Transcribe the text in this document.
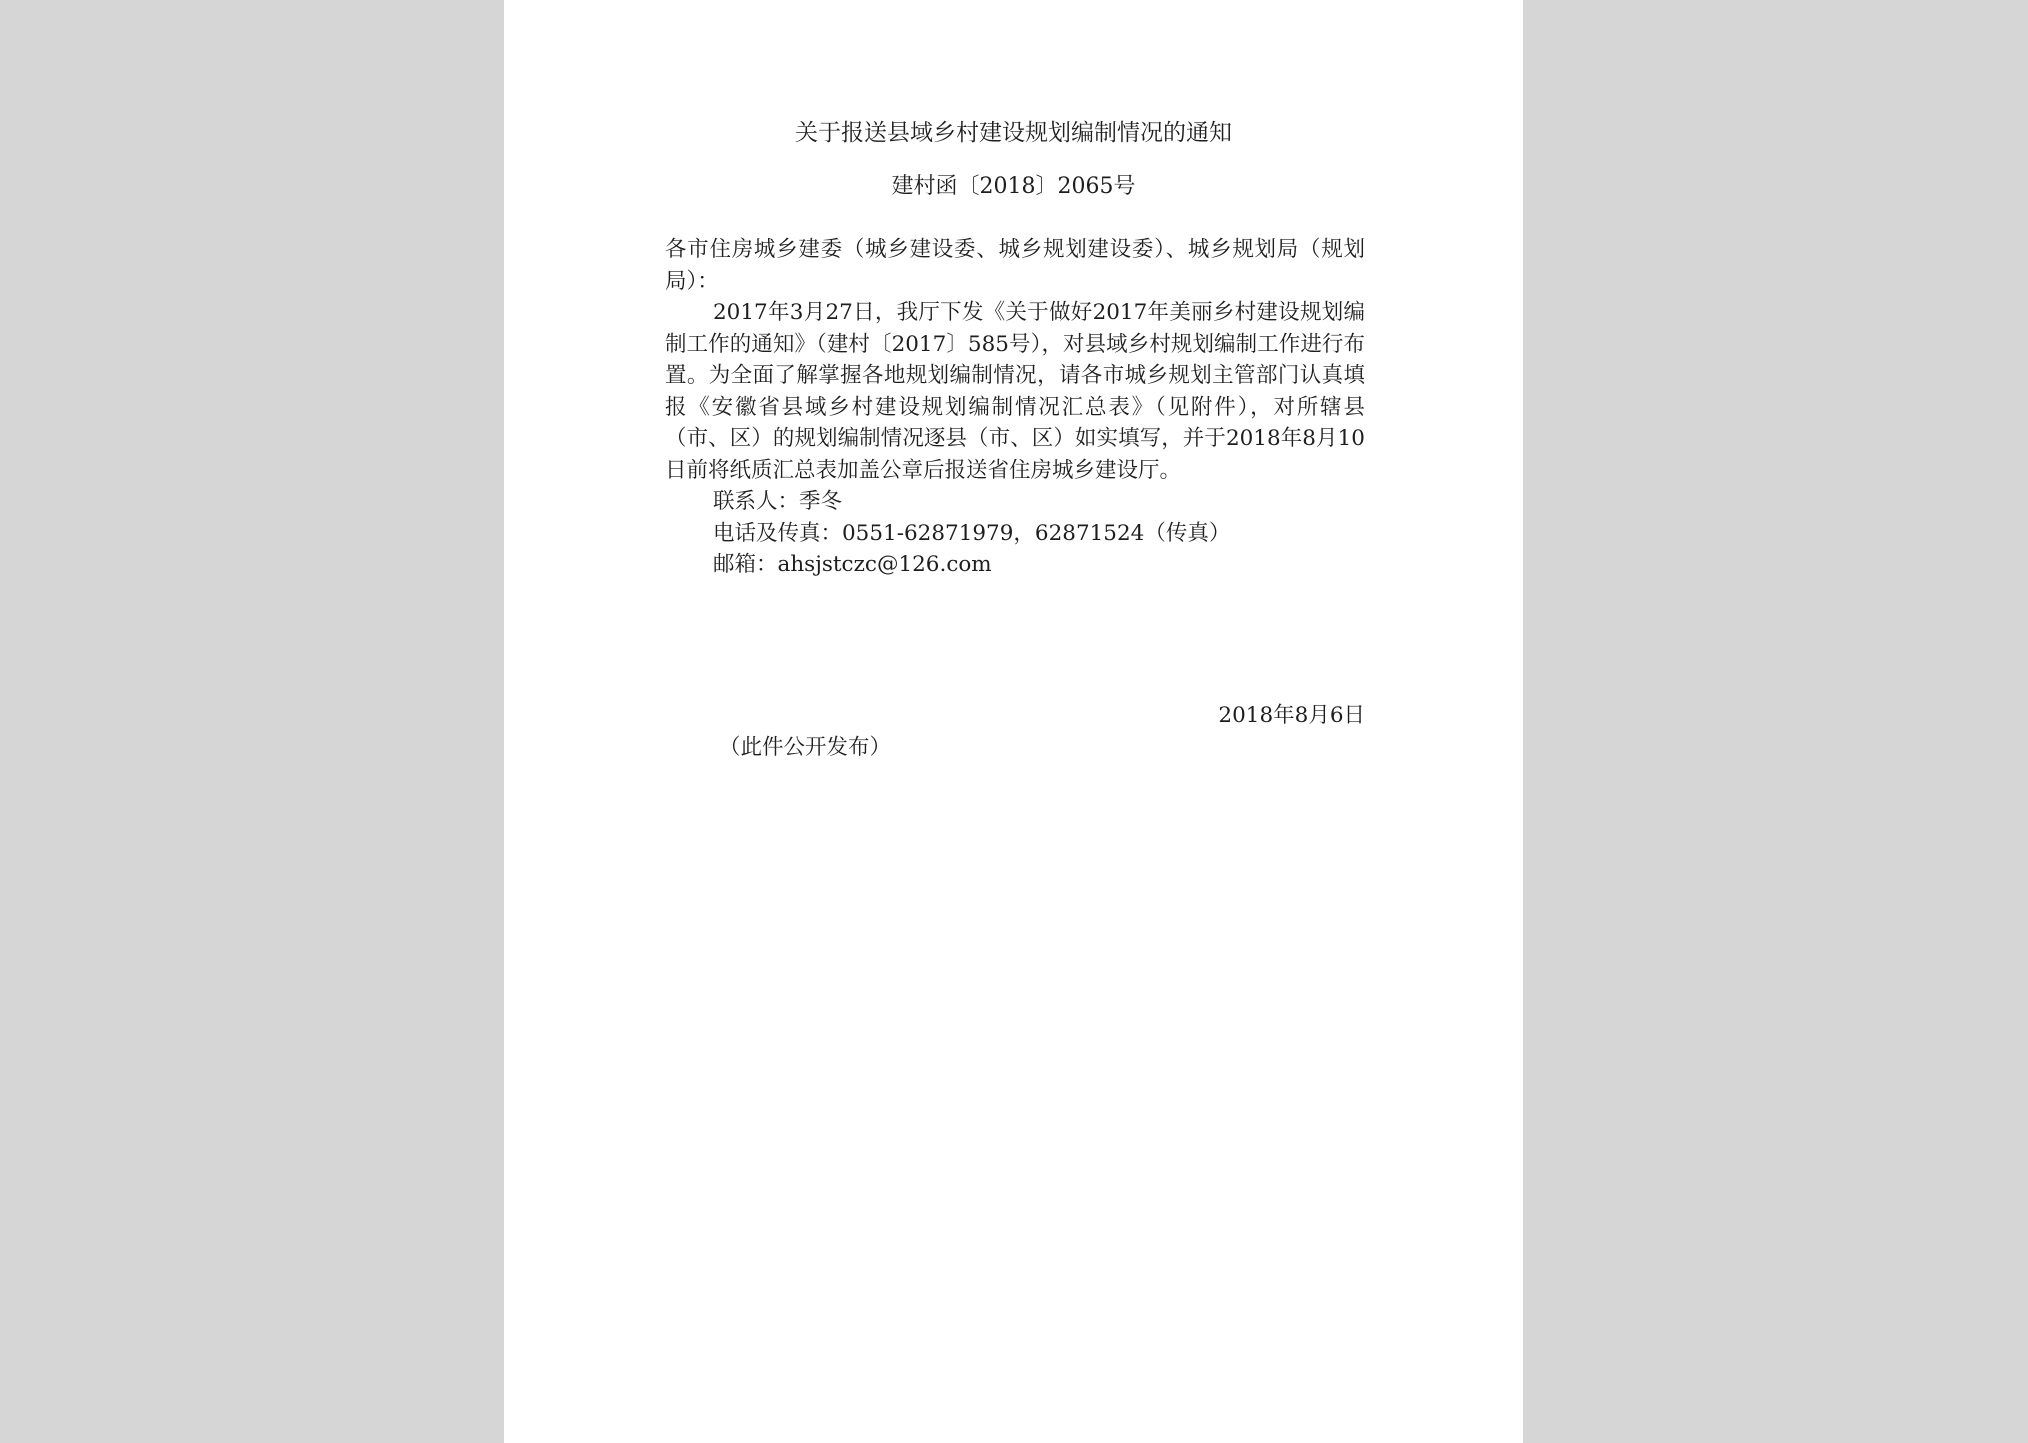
关于报送县域乡村建设规划编制情况的通知
建村函〔2018〕2065号

各市住房城乡建委（城乡建设委、城乡规划建设委）、城乡规划局（规划局）：

2017年3月27日，我厅下发《关于做好2017年美丽乡村建设规划编制工作的通知》（建村〔2017〕585号），对县域乡村规划编制工作进行布置。为全面了解掌握各地规划编制情况，请各市城乡规划主管部门认真填报《安徽省县域乡村建设规划编制情况汇总表》（见附件），对所辖县（市、区）的规划编制情况逐县（市、区）如实填写，并于2018年8月10日前将纸质汇总表加盖公章后报送省住房城乡建设厅。

联系人：季冬

电话及传真：0551-62871979，62871524（传真）

邮箱：ahsjstczc@126.com

2018年8月6日
（此件公开发布）
